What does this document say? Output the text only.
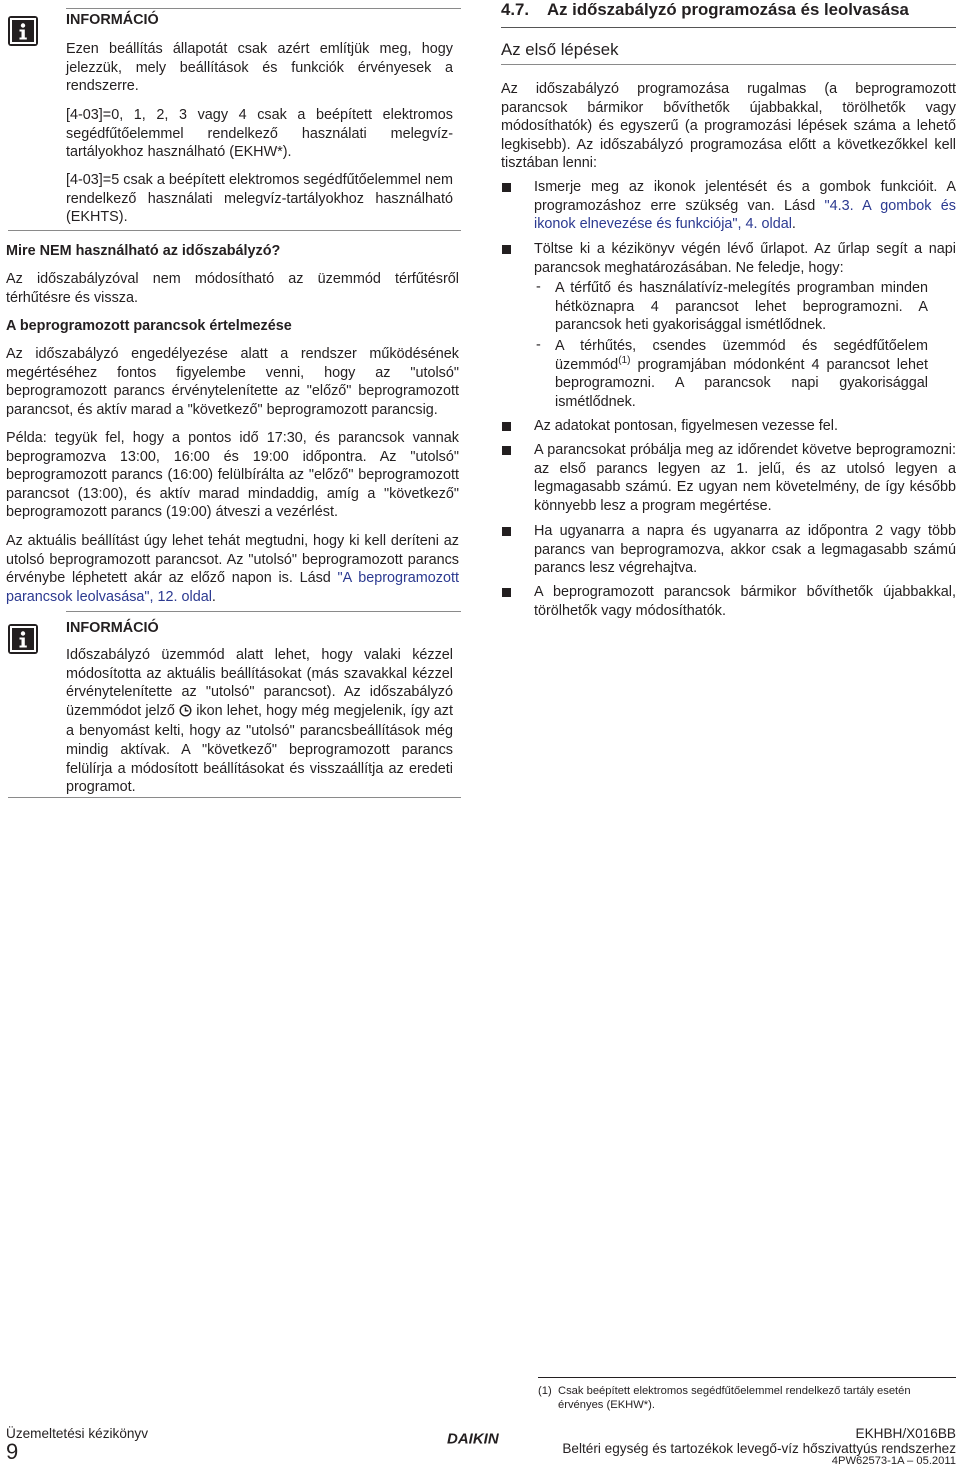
INFORMÁCIÓ

Ezen beállítás állapotát csak azért említjük meg, hogy jelezzük, mely beállítások és funkciók érvényesek a rendszerre.

[4-03]=0, 1, 2, 3 vagy 4 csak a beépített elektromos segédfűtőelemmel rendelkező használati melegvíz-tartályokhoz használható (EKHW*).

[4-03]=5 csak a beépített elektromos segédfűtőelemmel nem rendelkező használati melegvíz-tartályokhoz használható (EKHTS).

Mire NEM használható az időszabályzó?

Az időszabályzóval nem módosítható az üzemmód térfűtésről térhűtésre és vissza.

A beprogramozott parancsok értelmezése

Az időszabályzó engedélyezése alatt a rendszer működésének megértéséhez fontos figyelembe venni, hogy az "utolsó" beprogramozott parancs érvénytelenítette az "előző" beprogramozott parancsot, és aktív marad a "következő" beprogramozott parancsig.

Példa: tegyük fel, hogy a pontos idő 17:30, és parancsok vannak beprogramozva 13:00, 16:00 és 19:00 időpontra. Az "utolsó" beprogramozott parancs (16:00) felülbírálta az "előző" beprogramozott parancsot (13:00), és aktív marad mindaddig, amíg a "következő" beprogramozott parancs (19:00) átveszi a vezérlést.

Az aktuális beállítást úgy lehet tehát megtudni, hogy ki kell deríteni az utolsó beprogramozott parancsot. Az "utolsó" beprogramozott parancs érvénybe léphetett akár az előző napon is. Lásd "A beprogramozott parancsok leolvasása", 12. oldal.

INFORMÁCIÓ

Időszabályzó üzemmód alatt lehet, hogy valaki kézzel módosította az aktuális beállításokat (más szavakkal kézzel érvénytelenítette az "utolsó" parancsot). Az időszabályzó üzemmódot jelző  ikon lehet, hogy még megjelenik, így azt a benyomást kelti, hogy az "utolsó" parancsbeállítások még mindig aktívak. A "következő" beprogramozott parancs felülírja a módosított beállításokat és visszaállítja az eredeti programot.

4.7. Az időszabályzó programozása és leolvasása
Az első lépések

Az időszabályzó programozása rugalmas (a beprogramozott parancsok bármikor bővíthetők újabbakkal, törölhetők vagy módosíthatók) és egyszerű (a programozási lépések száma a lehető legkisebb). Az időszabályzó programozása előtt a következőkkel kell tisztában lenni:

Ismerje meg az ikonok jelentését és a gombok funkcióit. A programozáshoz erre szükség van. Lásd "4.3. A gombok és ikonok elnevezése és funkciója", 4. oldal.

Töltse ki a kézikönyv végén lévő űrlapot. Az űrlap segít a napi parancsok meghatározásában. Ne feledje, hogy:

- A térfűtő és használatívíz-melegítés programban minden hétköznapra 4 parancsot lehet beprogramozni. A parancsok heti gyakorisággal ismétlődnek.

- A térhűtés, csendes üzemmód és segédfűtőelem üzemmód$^{(1)}$ programjában módonként 4 parancsot lehet beprogramozni. A parancsok napi gyakorisággal ismétlődnek.

Az adatokat pontosan, figyelmesen vezesse fel.

A parancsokat próbálja meg az időrendet követve beprogramozni: az első parancs legyen az 1. jelű, és az utolsó legyen a legmagasabb számú. Ez ugyan nem követelmény, de így később könnyebb lesz a program megértése.

Ha ugyanarra a napra és ugyanarra az időpontra 2 vagy több parancs van beprogramozva, akkor csak a legmagasabb számú parancs lesz végrehajtva.

A beprogramozott parancsok bármikor bővíthetők újabbakkal, törölhetők vagy módosíthatók.

(1) Csak beépített elektromos segédfűtőelemmel rendelkező tartály esetén érvényes (EKHW*).
Üzemeltetési kézikönyv
9	DAIKIN	EKHBH/X016BB
Beltéri egység és tartozékok levegő-víz hőszivattyús rendszerhez
4PW62573-1A – 05.2011
